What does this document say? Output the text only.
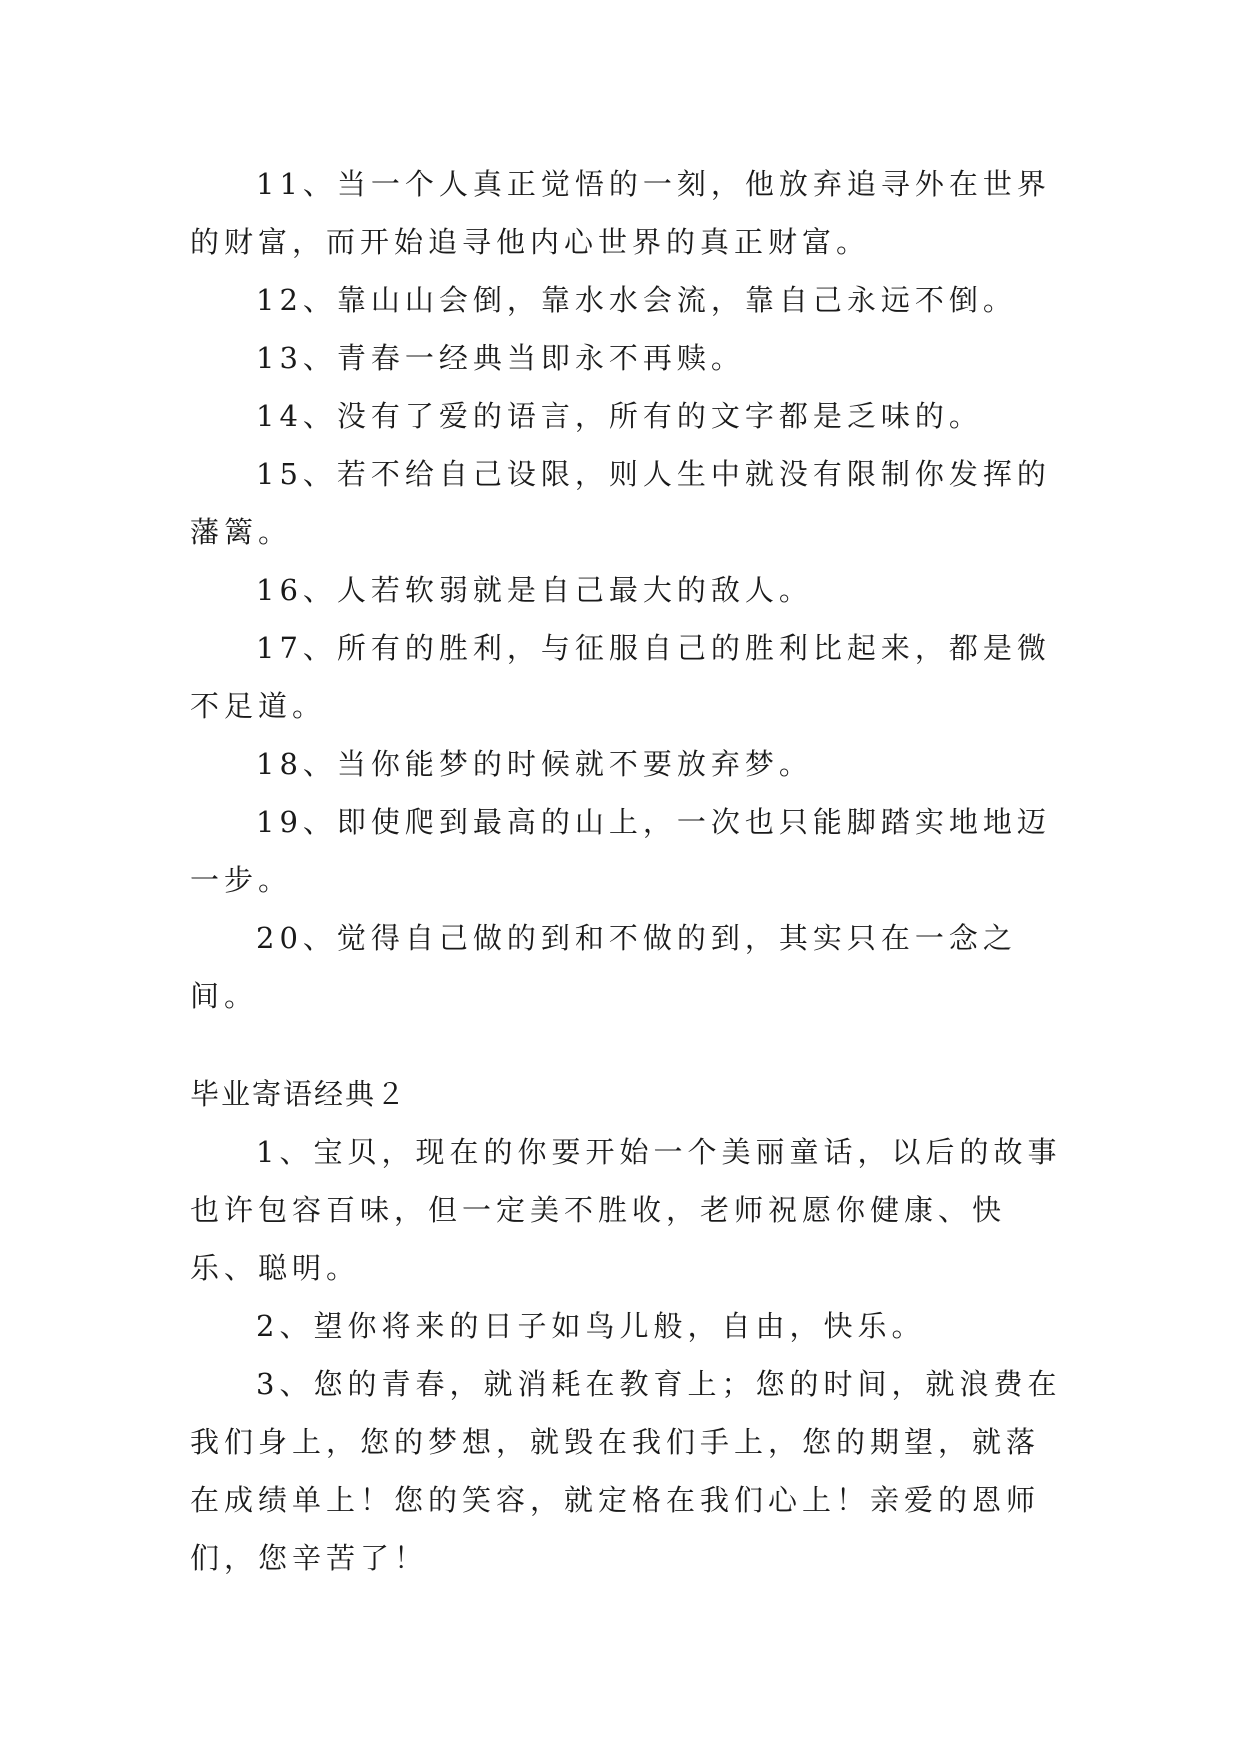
11、当一个人真正觉悟的一刻，他放弃追寻外在世界的财富，而开始追寻他内心世界的真正财富。

12、靠山山会倒，靠水水会流，靠自己永远不倒。

13、青春一经典当即永不再赎。

14、没有了爱的语言，所有的文字都是乏味的。

15、若不给自己设限，则人生中就没有限制你发挥的藩篱。

16、人若软弱就是自己最大的敌人。

17、所有的胜利，与征服自己的胜利比起来，都是微不足道。

18、当你能梦的时候就不要放弃梦。

19、即使爬到最高的山上，一次也只能脚踏实地地迈一步。

20、觉得自己做的到和不做的到，其实只在一念之间。

毕业寄语经典２

1、宝贝，现在的你要开始一个美丽童话，以后的故事也许包容百味，但一定美不胜收，老师祝愿你健康、快乐、聪明。

2、望你将来的日子如鸟儿般，自由，快乐。

3、您的青春，就消耗在教育上；您的时间，就浪费在我们身上，您的梦想，就毁在我们手上，您的期望，就落在成绩单上！您的笑容，就定格在我们心上！亲爱的恩师们，您辛苦了！
